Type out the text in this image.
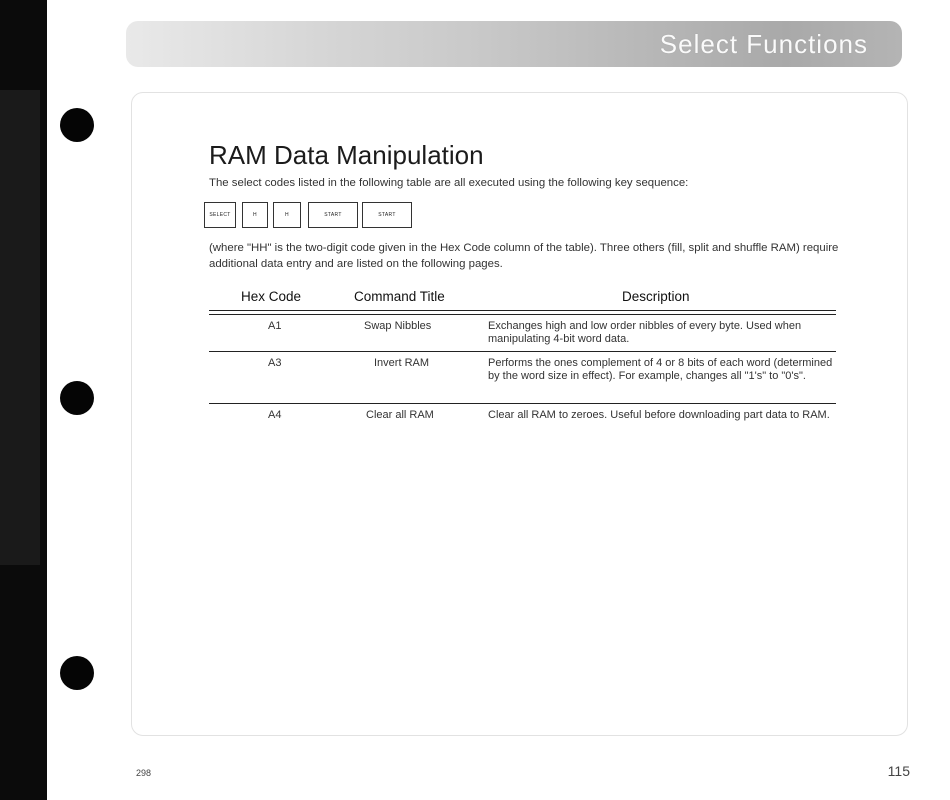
Select Functions
RAM Data Manipulation
The select codes listed in the following table are all executed using the following key sequence:
SELECT	H	H	START	START
(where "HH" is the two-digit code given in the Hex Code column of the table). Three others (fill, split and shuffle RAM) require additional data entry and are listed on the following pages.
Hex Code	Command Title	Description
A1	Swap Nibbles	Exchanges high and low order nibbles of every byte. Used when manipulating 4-bit word data.
A3	Invert RAM	Performs the ones complement of 4 or 8 bits of each word (determined by the word size in effect). For example, changes all "1's" to "0's".
A4	Clear all RAM	Clear all RAM to zeroes. Useful before downloading part data to RAM.
298	115
